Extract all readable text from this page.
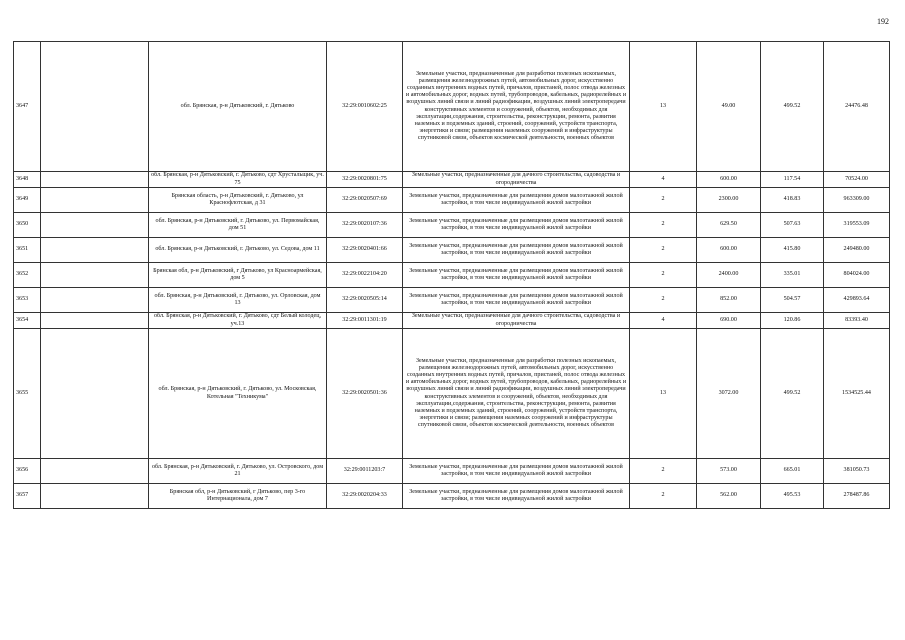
192
3647		обл. Брянская, р-н Дятьковский, г. Дятьково	32:29:0010602:25	Земельные участки, предназначенные для разработки полезных ископаемых, размещения железнодорожных путей, автомобильных дорог, искусственно созданных внутренних водных путей, причалов, пристаней, полос отвода железных и автомобильных дорог, водных путей, трубопроводов, кабельных, радиорелейных и воздушных линий связи и линий радиофикации, воздушных линий электропередачи конструктивных элементов и сооружений, объектов, необходимых для эксплуатации,содержания, строительства, реконструкции, ремонта, развития наземных и подземных зданий, строений, сооружений, устройств транспорта, энергетики и связи; размещения наземных сооружений и инфраструктуры спутниковой связи, объектов космической деятельности, военных объектов	13	49.00	499.52	24476.48
3648		обл. Брянская, р-н Дятьковский, г. Дятьково, сдт Хрустальщик, уч. 75	32:29:0020801:75	Земельные участки, предназначенные для дачного строительства, садоводства и огородничества	4	600.00	117.54	70524.00
3649		Брянская область, р-н Дятьковский, г. Дятьково, ул Краснофлотская, д 31	32:29:0020507:69	Земельные участки, предназначенные для размещения домов малоэтажной жилой застройки, в том числе индивидуальной жилой застройки	2	2300.00	418.83	963309.00
3650		обл. Брянская, р-н Дятьковский, г. Дятьково, ул. Первомайская, дом 51	32:29:0020107:36	Земельные участки, предназначенные для размещения домов малоэтажной жилой застройки, в том числе индивидуальной жилой застройки	2	629.50	507.63	319553.09
3651		обл. Брянская, р-н Дятьковский, г. Дятьково, ул. Седова, дом 11	32:29:0020401:66	Земельные участки, предназначенные для размещения домов малоэтажной жилой застройки, в том числе индивидуальной жилой застройки	2	600.00	415.80	249480.00
3652		Брянская обл, р-н Дятьковский, г Дятьково, ул Красноармейская, дом 5	32:29:0022104:20	Земельные участки, предназначенные для размещения домов малоэтажной жилой застройки, в том числе индивидуальной жилой застройки	2	2400.00	335.01	804024.00
3653		обл. Брянская, р-н Дятьковский, г. Дятьково, ул. Орловская, дом 13	32:29:0020505:14	Земельные участки, предназначенные для размещения домов малоэтажной жилой застройки, в том числе индивидуальной жилой застройки	2	852.00	504.57	429893.64
3654		обл. Брянская, р-н Дятьковский, г. Дятьково, сдт Белый колодец, уч.13	32:29:0011301:19	Земельные участки, предназначенные для дачного строительства, садоводства и огородничества	4	690.00	120.86	83393.40
3655		обл. Брянская, р-н Дятьковский, г. Дятьково, ул. Московская, Котельная "Техникума"	32:29:0020501:36	Земельные участки, предназначенные для разработки полезных ископаемых, размещения железнодорожных путей, автомобильных дорог, искусственно созданных внутренних водных путей, причалов, пристаней, полос отвода железных и автомобильных дорог, водных путей, трубопроводов, кабельных, радиорелейных и воздушных линий связи и линий радиофикации, воздушных линий электропередачи конструктивных элементов и сооружений, объектов, необходимых для эксплуатации,содержания, строительства, реконструкции, ремонта, развития наземных и подземных зданий, строений, сооружений, устройств транспорта, энергетики и связи; размещения наземных сооружений и инфраструктуры спутниковой связи, объектов космической деятельности, военных объектов	13	3072.00	499.52	1534525.44
3656		обл. Брянская, р-н Дятьковский, г. Дятьково, ул. Островского, дом 21	32:29:0011203:7	Земельные участки, предназначенные для размещения домов малоэтажной жилой застройки, в том числе индивидуальной жилой застройки	2	573.00	665.01	381050.73
3657		Брянская обл, р-н Дятьковский, г Дятьково, пер 3-го Интернационала, дом 7	32:29:0020204:33	Земельные участки, предназначенные для размещения домов малоэтажной жилой застройки, в том числе индивидуальной жилой застройки	2	562.00	495.53	278487.86
